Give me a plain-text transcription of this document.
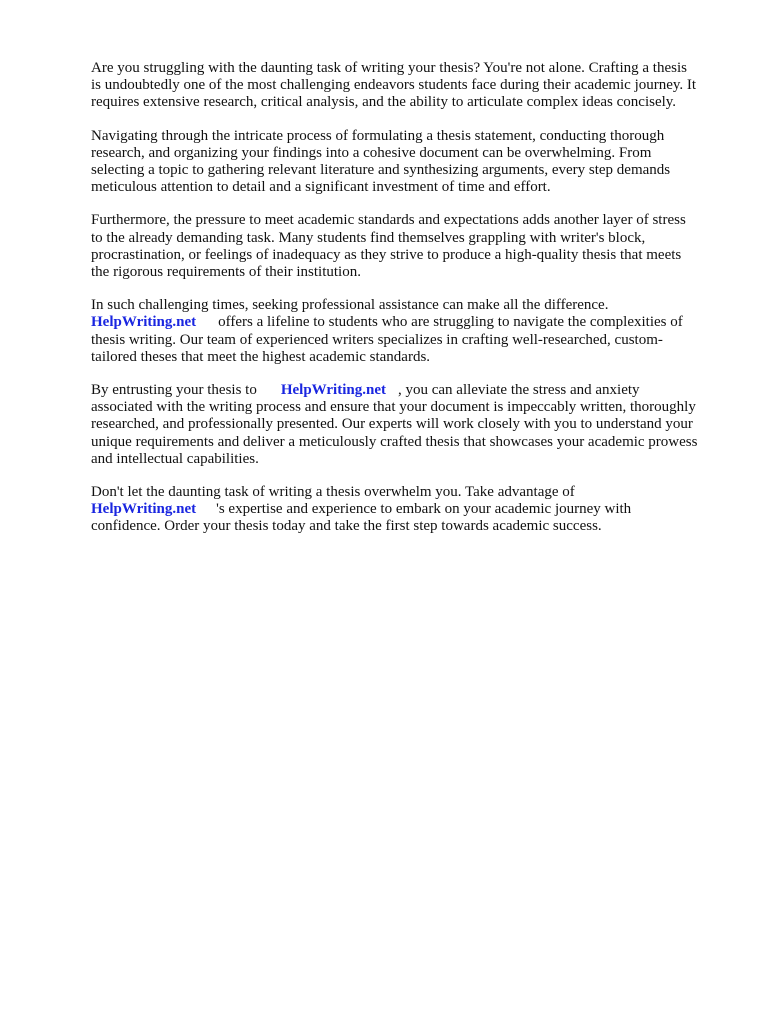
Are you struggling with the daunting task of writing your thesis? You're not alone. Crafting a thesis
is undoubtedly one of the most challenging endeavors students face during their academic journey. It
requires extensive research, critical analysis, and the ability to articulate complex ideas concisely.

Navigating through the intricate process of formulating a thesis statement, conducting thorough
research, and organizing your findings into a cohesive document can be overwhelming. From
selecting a topic to gathering relevant literature and synthesizing arguments, every step demands
meticulous attention to detail and a significant investment of time and effort.

Furthermore, the pressure to meet academic standards and expectations adds another layer of stress
to the already demanding task. Many students find themselves grappling with writer's block,
procrastination, or feelings of inadequacy as they strive to produce a high-quality thesis that meets
the rigorous requirements of their institution.

In such challenging times, seeking professional assistance can make all the difference.
HelpWriting.net offers a lifeline to students who are struggling to navigate the complexities of
thesis writing. Our team of experienced writers specializes in crafting well-researched, custom-
tailored theses that meet the highest academic standards.

By entrusting your thesis to HelpWriting.net , you can alleviate the stress and anxiety
associated with the writing process and ensure that your document is impeccably written, thoroughly
researched, and professionally presented. Our experts will work closely with you to understand your
unique requirements and deliver a meticulously crafted thesis that showcases your academic prowess
and intellectual capabilities.

Don't let the daunting task of writing a thesis overwhelm you. Take advantage of
HelpWriting.net 's expertise and experience to embark on your academic journey with
confidence. Order your thesis today and take the first step towards academic success.
